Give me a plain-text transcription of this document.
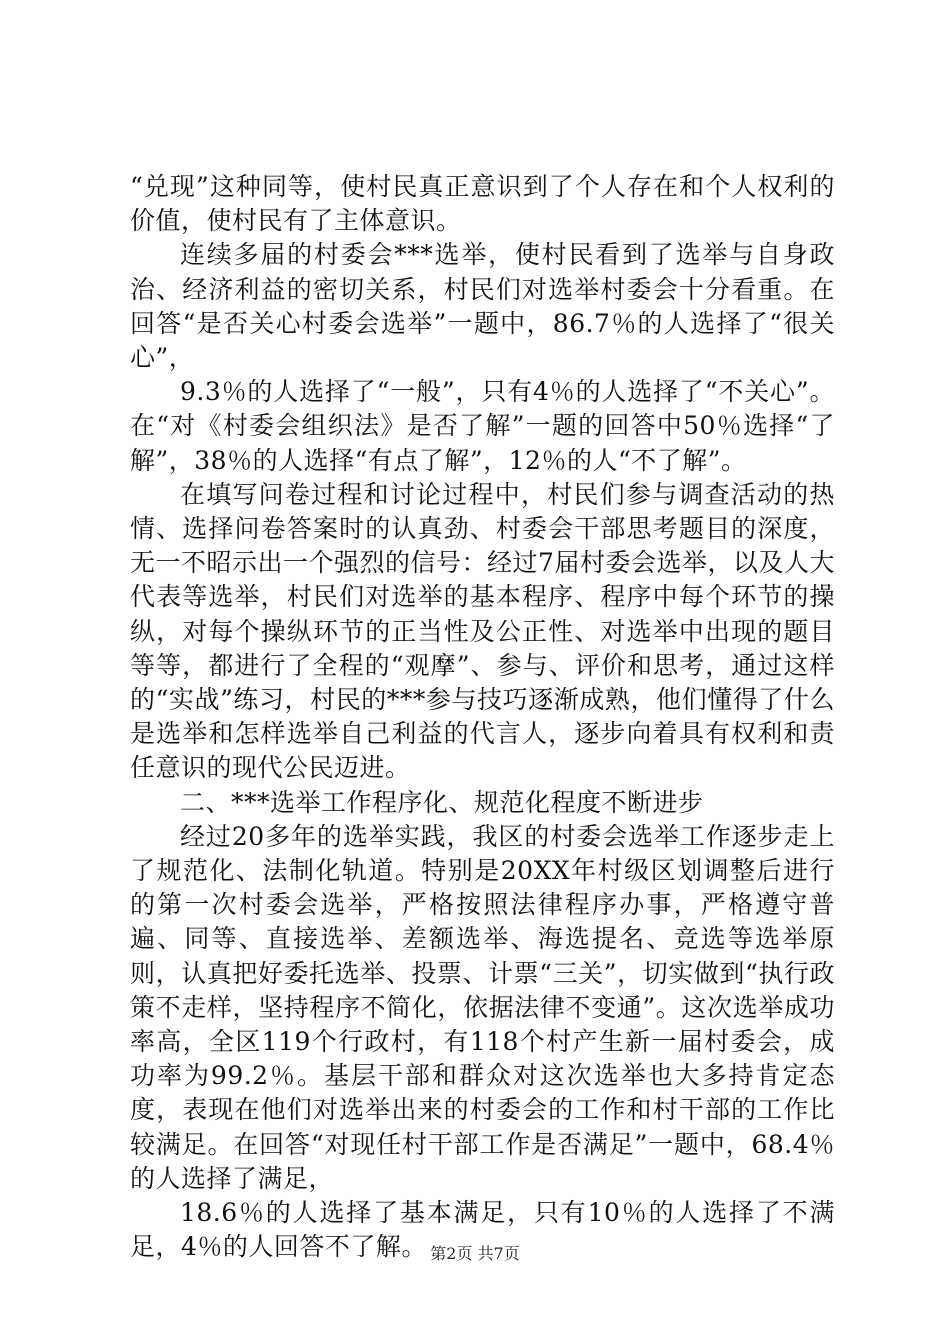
“兑现”这种同等，使村民真正意识到了个人存在和个人权利的价值，使村民有了主体意识。

连续多届的村委会***选举，使村民看到了选举与自身政治、经济利益的密切关系，村民们对选举村委会十分看重。在回答“是否关心村委会选举”一题中，86.7％的人选择了“很关心”，

9.3％的人选择了“一般”，只有4％的人选择了“不关心”。在“对《村委会组织法》是否了解”一题的回答中50％选择“了解”，38％的人选择“有点了解”，12％的人“不了解”。

在填写问卷过程和讨论过程中，村民们参与调查活动的热情、选择问卷答案时的认真劲、村委会干部思考题目的深度，无一不昭示出一个强烈的信号：经过7届村委会选举，以及人大代表等选举，村民们对选举的基本程序、程序中每个环节的操纵，对每个操纵环节的正当性及公正性、对选举中出现的题目等等，都进行了全程的“观摩”、参与、评价和思考，通过这样的“实战”练习，村民的***参与技巧逐渐成熟，他们懂得了什么是选举和怎样选举自己利益的代言人，逐步向着具有权利和责任意识的现代公民迈进。

二、***选举工作程序化、规范化程度不断进步

经过20多年的选举实践，我区的村委会选举工作逐步走上了规范化、法制化轨道。特别是20XX年村级区划调整后进行的第一次村委会选举，严格按照法律程序办事，严格遵守普遍、同等、直接选举、差额选举、海选提名、竞选等选举原则，认真把好委托选举、投票、计票“三关”，切实做到“执行政策不走样，坚持程序不简化，依据法律不变通”。这次选举成功率高，全区119个行政村，有118个村产生新一届村委会，成功率为99.2％。基层干部和群众对这次选举也大多持肯定态度，表现在他们对选举出来的村委会的工作和村干部的工作比较满足。在回答“对现任村干部工作是否满足”一题中，68.4％的人选择了满足，

18.6％的人选择了基本满足，只有10％的人选择了不满足，4％的人回答不了解。 第2页 共7页
